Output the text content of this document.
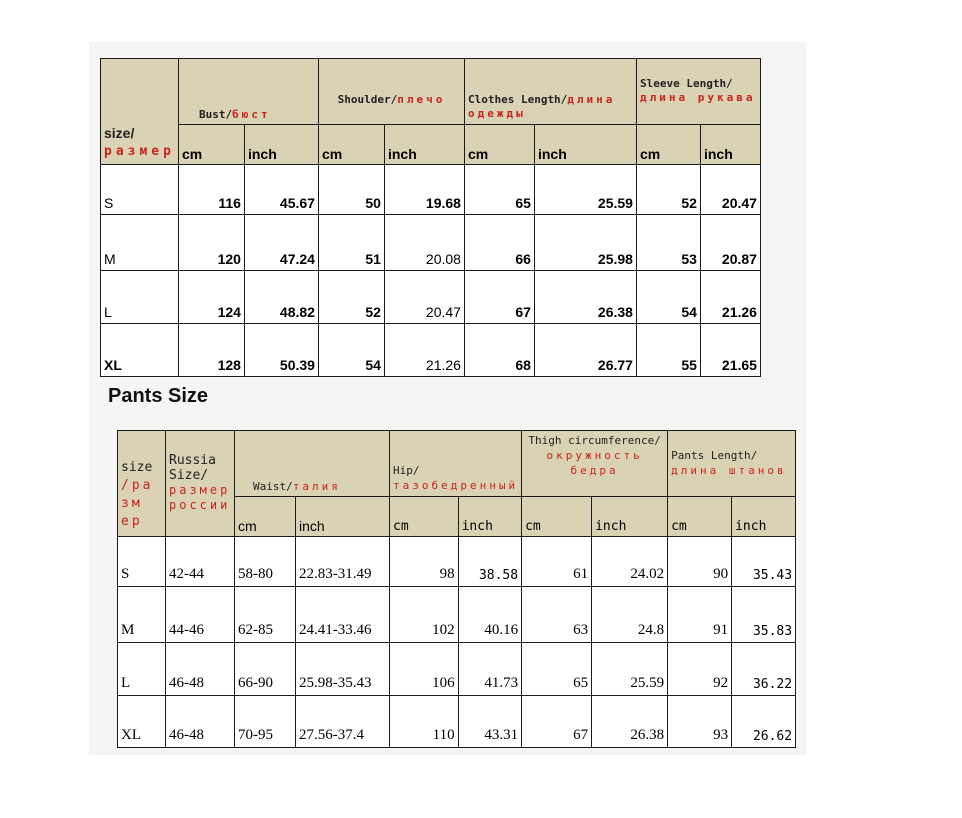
size/размер	Bust/бюст		Shoulder/плечо		Clothes Length/длина одежды		Sleeve Length/длина рукава	
	cm	inch	cm	inch	cm	inch	cm	inch
S	116	45.67	50	19.68	65	25.59	52	20.47
M	120	47.24	51	20.08	66	25.98	53	20.87
L	124	48.82	52	20.47	67	26.38	54	21.26
XL	128	50.39	54	21.26	68	26.77	55	21.65
Pants Size
size
/ра
зм
ер	Russia Size/размер россии	Waist/талия		Hip/тазобедренный		Thigh circumference/окружность бедра		Pants Length/длина штанов	
		cm	inch	cm	inch	cm	inch	cm	inch
S	42-44	58-80	22.83-31.49	98	38.58	61	24.02	90	35.43
M	44-46	62-85	24.41-33.46	102	40.16	63	24.8	91	35.83
L	46-48	66-90	25.98-35.43	106	41.73	65	25.59	92	36.22
XL	46-48	70-95	27.56-37.4	110	43.31	67	26.38	93	26.62
